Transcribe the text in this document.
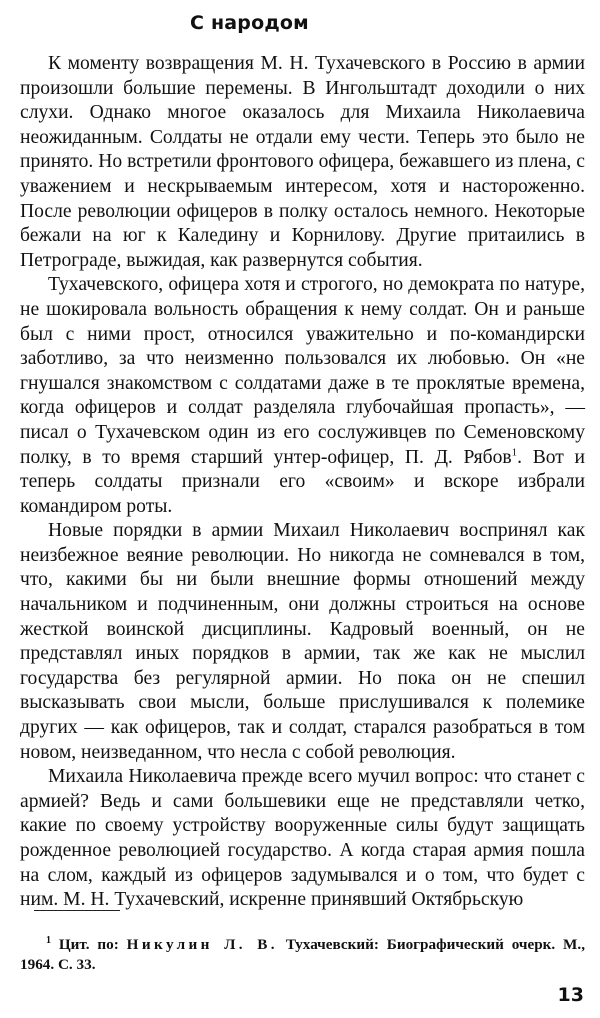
С народом

К моменту возвращения М. Н. Тухачевского в Россию в армии произошли большие перемены. В Ингольштадт доходили о них слухи. Однако многое оказалось для Михаила Николаевича неожиданным. Солдаты не отдали ему чести. Теперь это было не принято. Но встретили фронтового офицера, бежавшего из плена, с уважением и нескрываемым интересом, хотя и настороженно. После революции офицеров в полку осталось немного. Некоторые бежали на юг к Каледину и Корнилову. Другие притаились в Петрограде, выжидая, как развернутся события.

Тухачевского, офицера хотя и строгого, но демократа по натуре, не шокировала вольность обращения к нему солдат. Он и раньше был с ними прост, относился уважительно и по-командирски заботливо, за что неизменно пользовался их любовью. Он «не гнушался знакомством с солдатами даже в те проклятые времена, когда офицеров и солдат разделяла глубочайшая пропасть», — писал о Тухачевском один из его сослуживцев по Семеновскому полку, в то время старший унтер-офицер, П. Д. Рябов$^1$. Вот и теперь солдаты признали его «своим» и вскоре избрали командиром роты.

Новые порядки в армии Михаил Николаевич воспринял как неизбежное веяние революции. Но никогда не сомневался в том, что, какими бы ни были внешние формы отношений между начальником и подчиненным, они должны строиться на основе жесткой воинской дисциплины. Кадровый военный, он не представлял иных порядков в армии, так же как не мыслил государства без регулярной армии. Но пока он не спешил высказывать свои мысли, больше прислушивался к полемике других — как офицеров, так и солдат, старался разобраться в том новом, неизведанном, что несла с собой революция.

Михаила Николаевича прежде всего мучил вопрос: что станет с армией? Ведь и сами большевики еще не представляли четко, какие по своему устройству вооруженные силы будут защищать рожденное революцией государство. А когда старая армия пошла на слом, каждый из офицеров задумывался и о том, что будет с ним. М. Н. Тухачевский, искренне принявший Октябрьскую

$^1$ Цит. по: Никулин Л. В. Тухачевский: Биографический очерк. М., 1964. С. 33.
13
